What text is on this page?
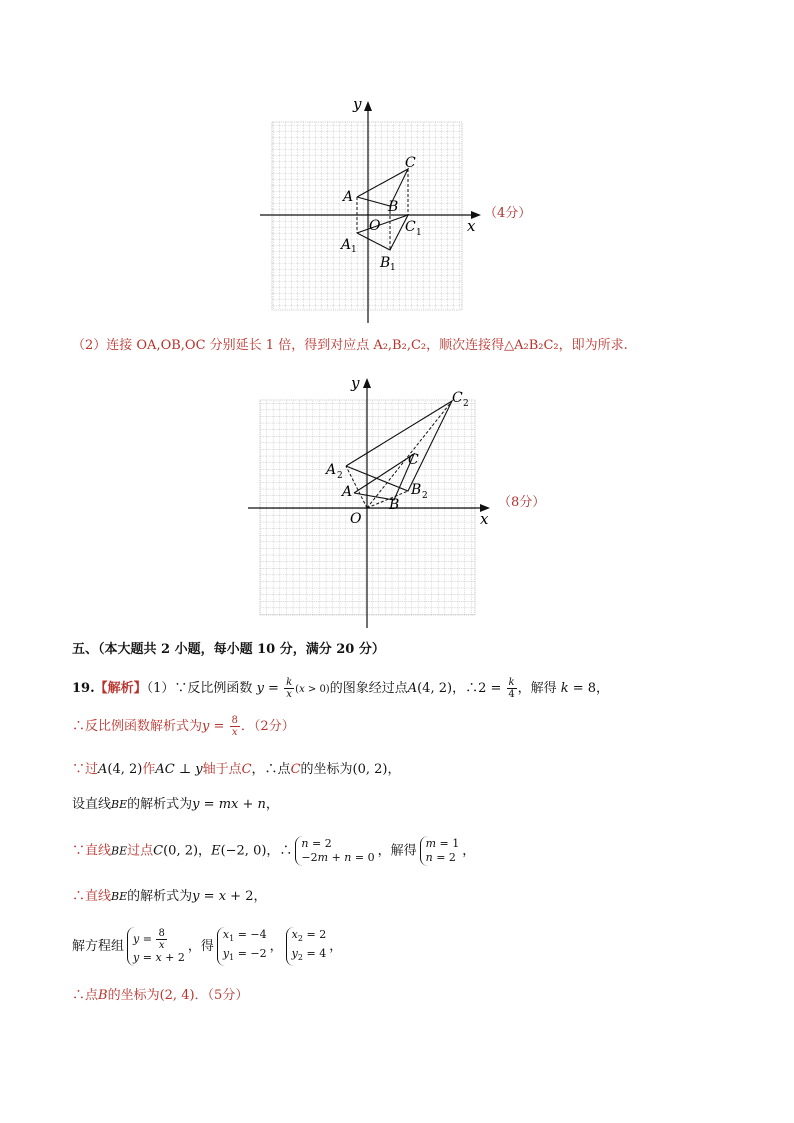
y
x
A
B
C
O C 1
A 1
B 1
（4分）
（2）连接 OA,OB,OC 分别延长 1 倍，得到对应点 A₂,B₂,C₂，顺次连接得△A₂B₂C₂，即为所求.
y
x
A
B
C
O
A 2
B 2
C 2
（8分）
五、（本大题共 2 小题，每小题 10 分，满分 20 分）
19.【解析】（1）∵反比例函数 $y = \frac{k}{x} (x > 0)$的图象经过点A(4, 2)，∴2 = $\frac{k}{4}$ ，解得 k = 8，
∴反比例函数解析式为$y = \frac{8}{x}$ ．（2分）
∵过A(4, 2)作AC ⊥ y轴于点C，∴点C的坐标为(0, 2)，
设直线BE的解析式为y = mx + n，
∵直线BE过点C(0, 2)，E(−2, 0)，∴ n = 2
−2m + n = 0 ，解得 m = 1
n = 2 ，
∴直线BE的解析式为y = x + 2，
解方程组 $y = \frac{8}{x}$
y = x + 2
，得
$x_1 = -4$
$y_1 = -2$ ，
$x_2 = 2$
$y_2 = 4$ ，
∴点B的坐标为(2, 4)．（5分）
